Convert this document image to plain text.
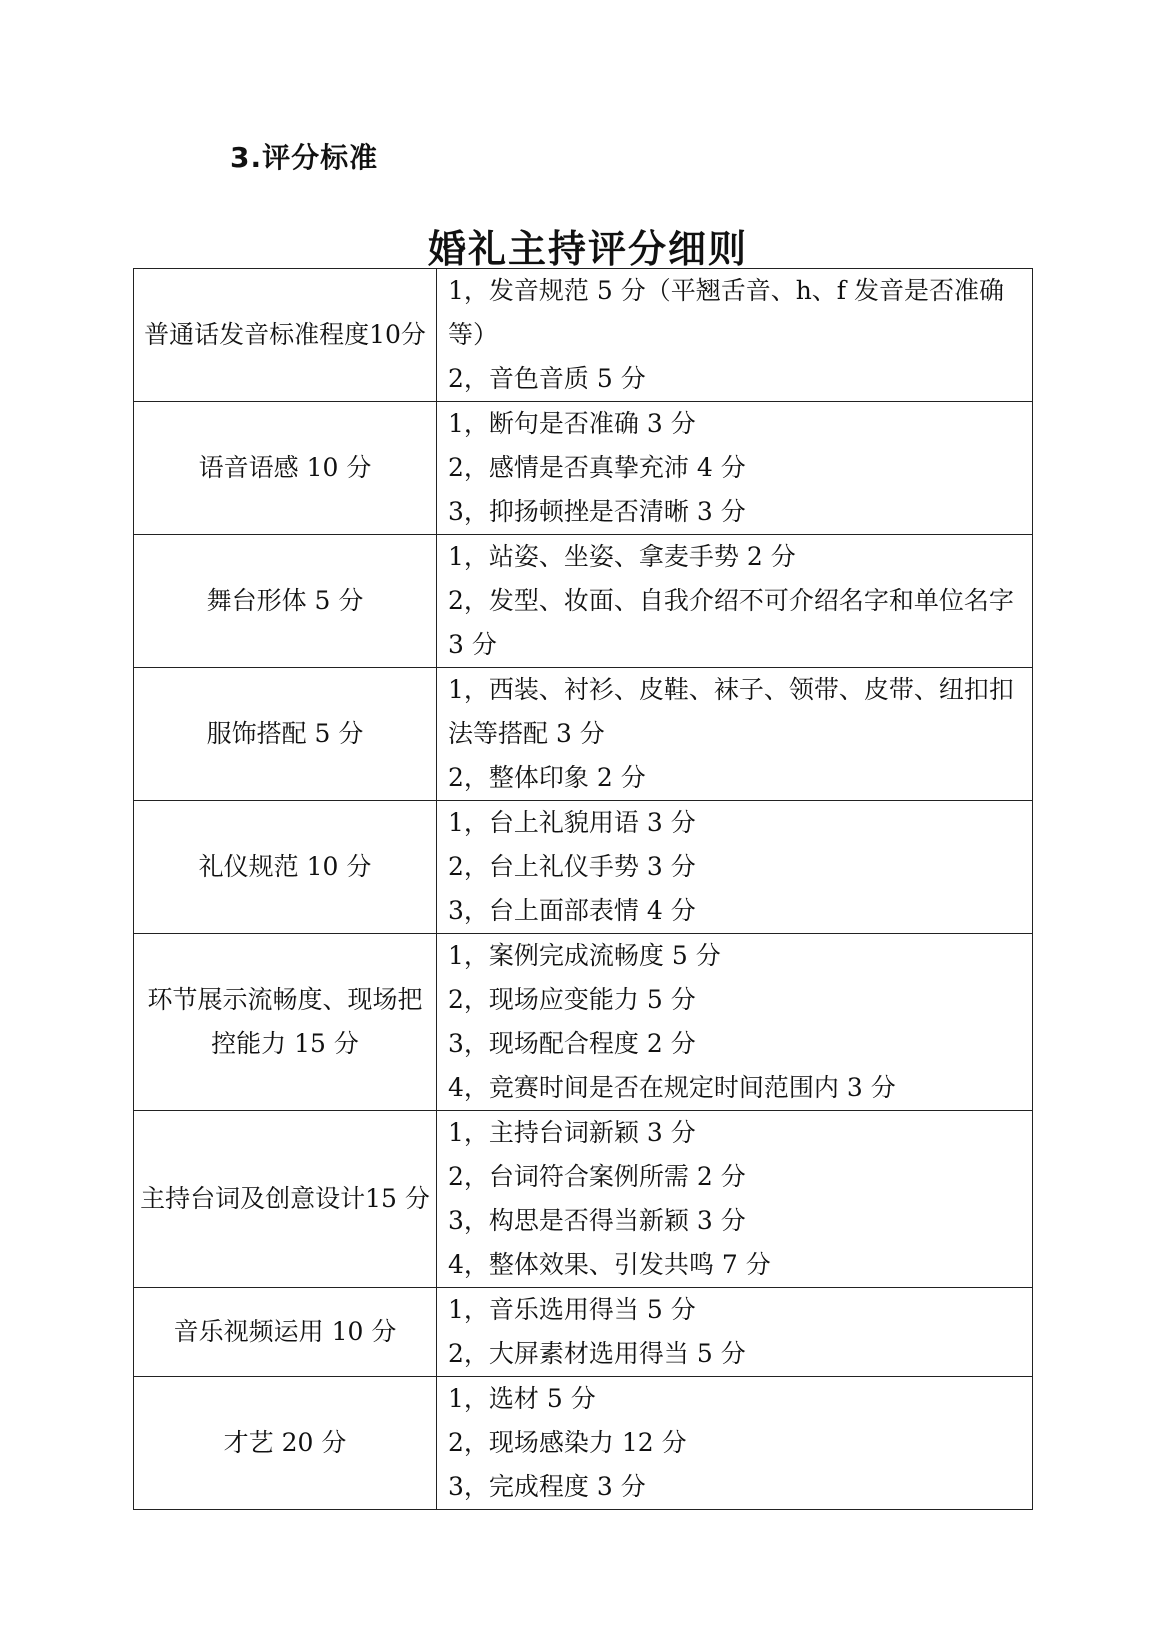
3.评分标准
婚礼主持评分细则
普通话发音标准程度10分	1，发音规范 5 分（平翘舌音、h、f 发音是否准确等）
2，音色音质 5 分

语音语感 10 分	1，断句是否准确 3 分
2，感情是否真挚充沛 4 分
3，抑扬顿挫是否清晰 3 分

舞台形体 5 分	1，站姿、坐姿、拿麦手势 2 分
2，发型、妆面、自我介绍不可介绍名字和单位名字 3 分

服饰搭配 5 分	1，西装、衬衫、皮鞋、袜子、领带、皮带、纽扣扣法等搭配 3 分
2，整体印象 2 分

礼仪规范 10 分	1，台上礼貌用语 3 分
2，台上礼仪手势 3 分
3，台上面部表情 4 分

环节展示流畅度、现场把控能力 15 分	1，案例完成流畅度 5 分
2，现场应变能力 5 分
3，现场配合程度 2 分
4，竞赛时间是否在规定时间范围内 3 分

主持台词及创意设计15 分	1，主持台词新颖 3 分
2，台词符合案例所需 2 分
3，构思是否得当新颖 3 分
4，整体效果、引发共鸣 7 分

音乐视频运用 10 分	1，音乐选用得当 5 分
2，大屏素材选用得当 5 分

才艺 20 分	1，选材 5 分
2，现场感染力 12 分
3，完成程度 3 分
